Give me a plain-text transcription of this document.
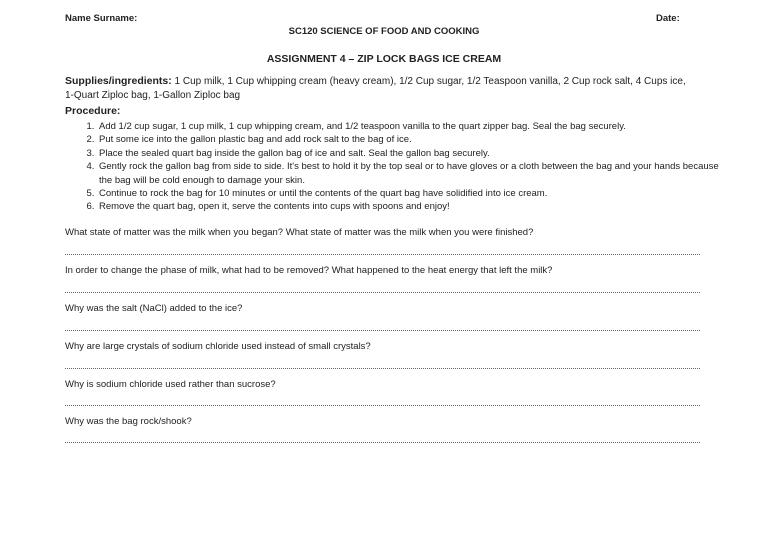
Name Surname:	Date:
SC120 SCIENCE OF FOOD AND COOKING
ASSIGNMENT 4 – ZIP LOCK BAGS ICE CREAM
Supplies/ingredients: 1 Cup milk, 1 Cup whipping cream (heavy cream), 1/2 Cup sugar, 1/2 Teaspoon vanilla, 2 Cup rock salt, 4 Cups ice, 1-Quart Ziploc bag, 1-Gallon Ziploc bag
Procedure:
1. Add 1/2 cup sugar, 1 cup milk, 1 cup whipping cream, and 1/2 teaspoon vanilla to the quart zipper bag. Seal the bag securely.
2. Put some ice into the gallon plastic bag and add rock salt to the bag of ice.
3. Place the sealed quart bag inside the gallon bag of ice and salt. Seal the gallon bag securely.
4. Gently rock the gallon bag from side to side. It's best to hold it by the top seal or to have gloves or a cloth between the bag and your hands because the bag will be cold enough to damage your skin.
5. Continue to rock the bag for 10 minutes or until the contents of the quart bag have solidified into ice cream.
6. Remove the quart bag, open it, serve the contents into cups with spoons and enjoy!
What state of matter was the milk when you began? What state of matter was the milk when you were finished?
In order to change the phase of milk, what had to be removed? What happened to the heat energy that left the milk?
Why was the salt (NaCl) added to the ice?
Why are large crystals of sodium chloride used instead of small crystals?
Why is sodium chloride used rather than sucrose?
Why was the bag rock/shook?
